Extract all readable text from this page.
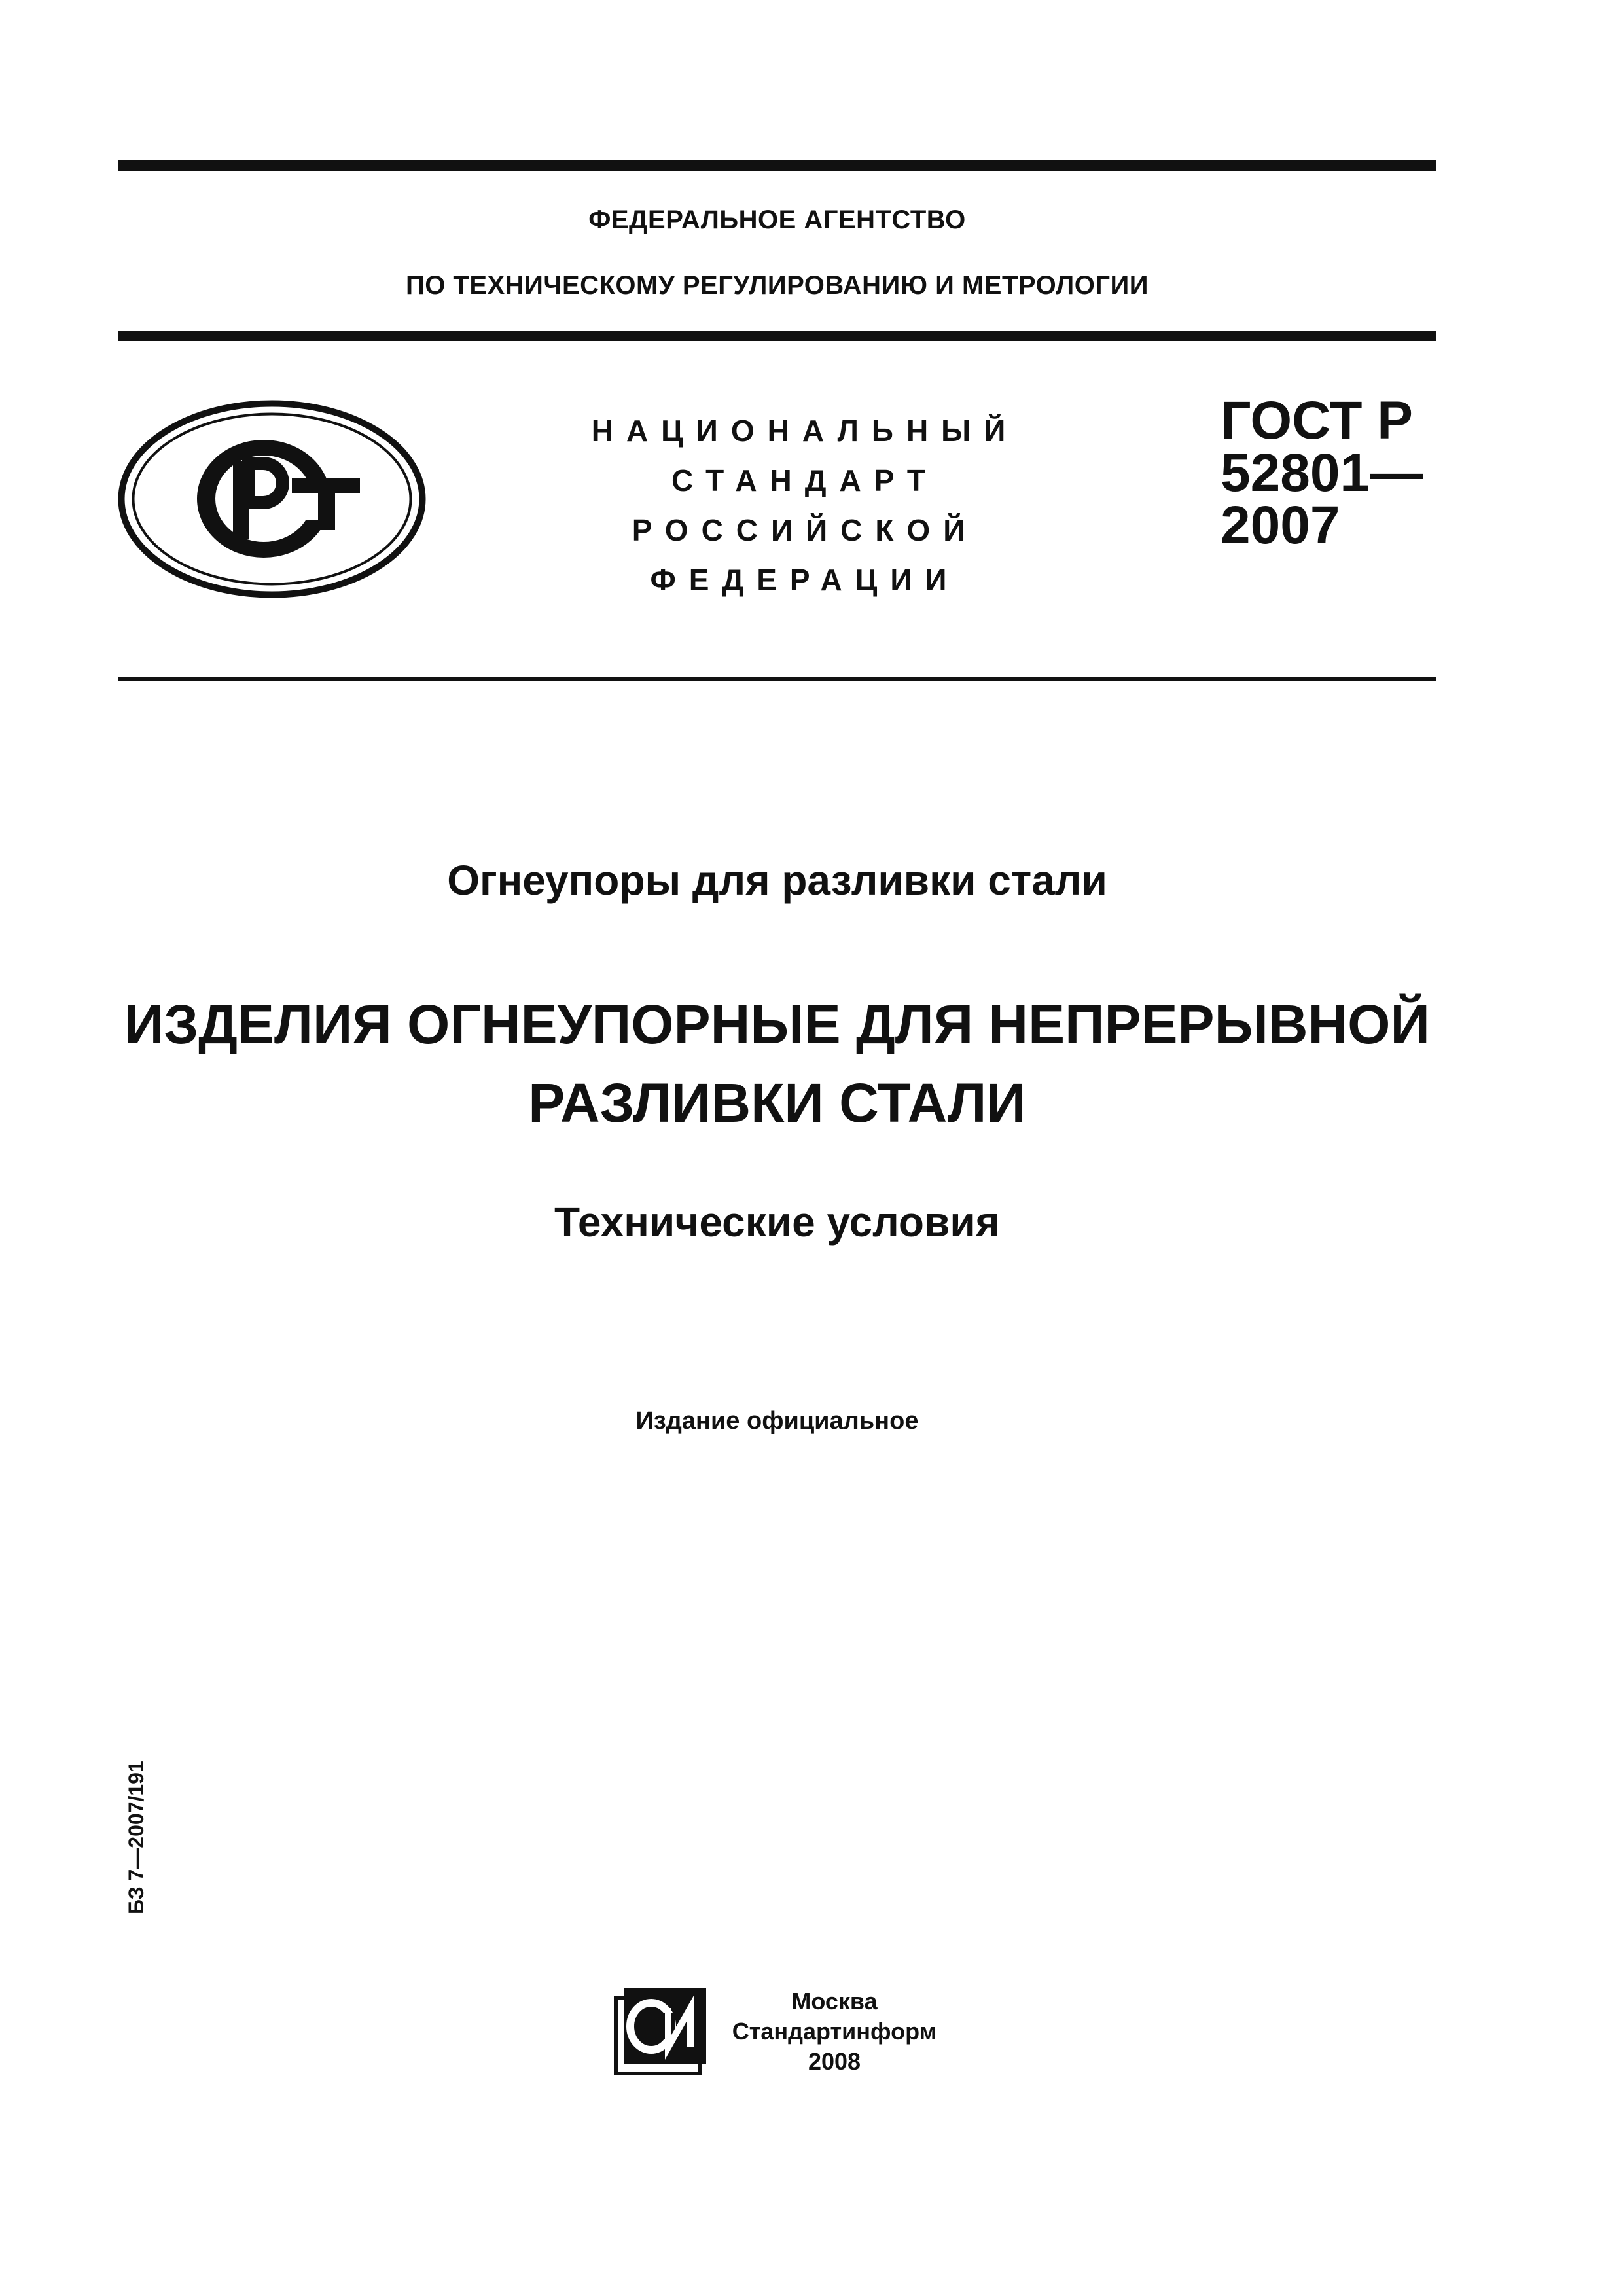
ФЕДЕРАЛЬНОЕ АГЕНТСТВО
ПО ТЕХНИЧЕСКОМУ РЕГУЛИРОВАНИЮ И МЕТРОЛОГИИ
НАЦИОНАЛЬНЫЙ
СТАНДАРТ
РОССИЙСКОЙ
ФЕДЕРАЦИИ
ГОСТ Р
52801—
2007
Огнеупоры для разливки стали
ИЗДЕЛИЯ ОГНЕУПОРНЫЕ ДЛЯ НЕПРЕРЫВНОЙ
РАЗЛИВКИ СТАЛИ
Технические условия
Издание официальное
БЗ 7—2007/191
Москва
Стандартинформ
2008
